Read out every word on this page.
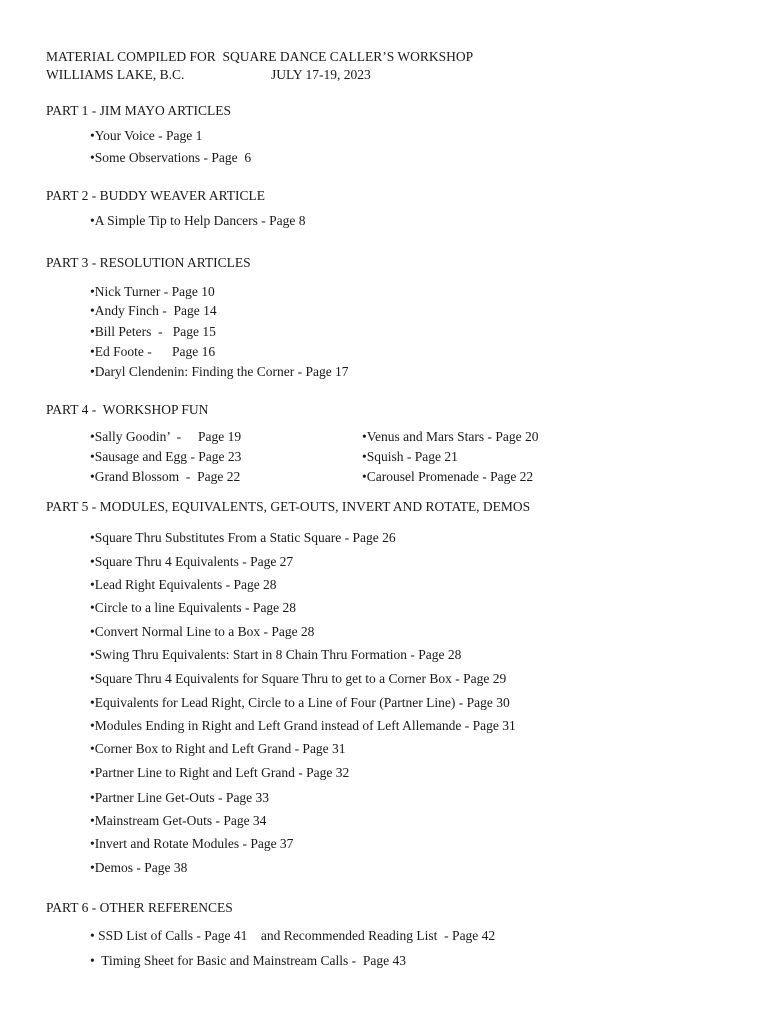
MATERIAL COMPILED FOR  SQUARE DANCE CALLER’S WORKSHOP
WILLIAMS LAKE, B.C.	JULY 17-19, 2023
PART 1 - JIM MAYO ARTICLES
•Your Voice - Page 1
•Some Observations - Page  6
PART 2 - BUDDY WEAVER ARTICLE
•A Simple Tip to Help Dancers - Page 8
PART 3 - RESOLUTION ARTICLES
•Nick Turner - Page 10
•Andy Finch -  Page 14
•Bill Peters  -   Page 15
•Ed Foote -      Page 16
•Daryl Clendenin: Finding the Corner - Page 17
PART 4 -  WORKSHOP FUN
•Sally Goodin’  -     Page 19
•Sausage and Egg - Page 23
•Grand Blossom  -  Page 22
•Venus and Mars Stars - Page 20
•Squish - Page 21
•Carousel Promenade - Page 22
PART 5 - MODULES, EQUIVALENTS, GET-OUTS, INVERT AND ROTATE, DEMOS
•Square Thru Substitutes From a Static Square - Page 26
•Square Thru 4 Equivalents - Page 27
•Lead Right Equivalents - Page 28
•Circle to a line Equivalents - Page 28
•Convert Normal Line to a Box - Page 28
•Swing Thru Equivalents: Start in 8 Chain Thru Formation - Page 28
•Square Thru 4 Equivalents for Square Thru to get to a Corner Box - Page 29
•Equivalents for Lead Right, Circle to a Line of Four (Partner Line) - Page 30
•Modules Ending in Right and Left Grand instead of Left Allemande - Page 31
•Corner Box to Right and Left Grand - Page 31
•Partner Line to Right and Left Grand - Page 32
•Partner Line Get-Outs - Page 33
•Mainstream Get-Outs - Page 34
•Invert and Rotate Modules - Page 37
•Demos - Page 38
PART 6 - OTHER REFERENCES
• SSD List of Calls - Page 41    and Recommended Reading List  - Page 42
•  Timing Sheet for Basic and Mainstream Calls -  Page 43
